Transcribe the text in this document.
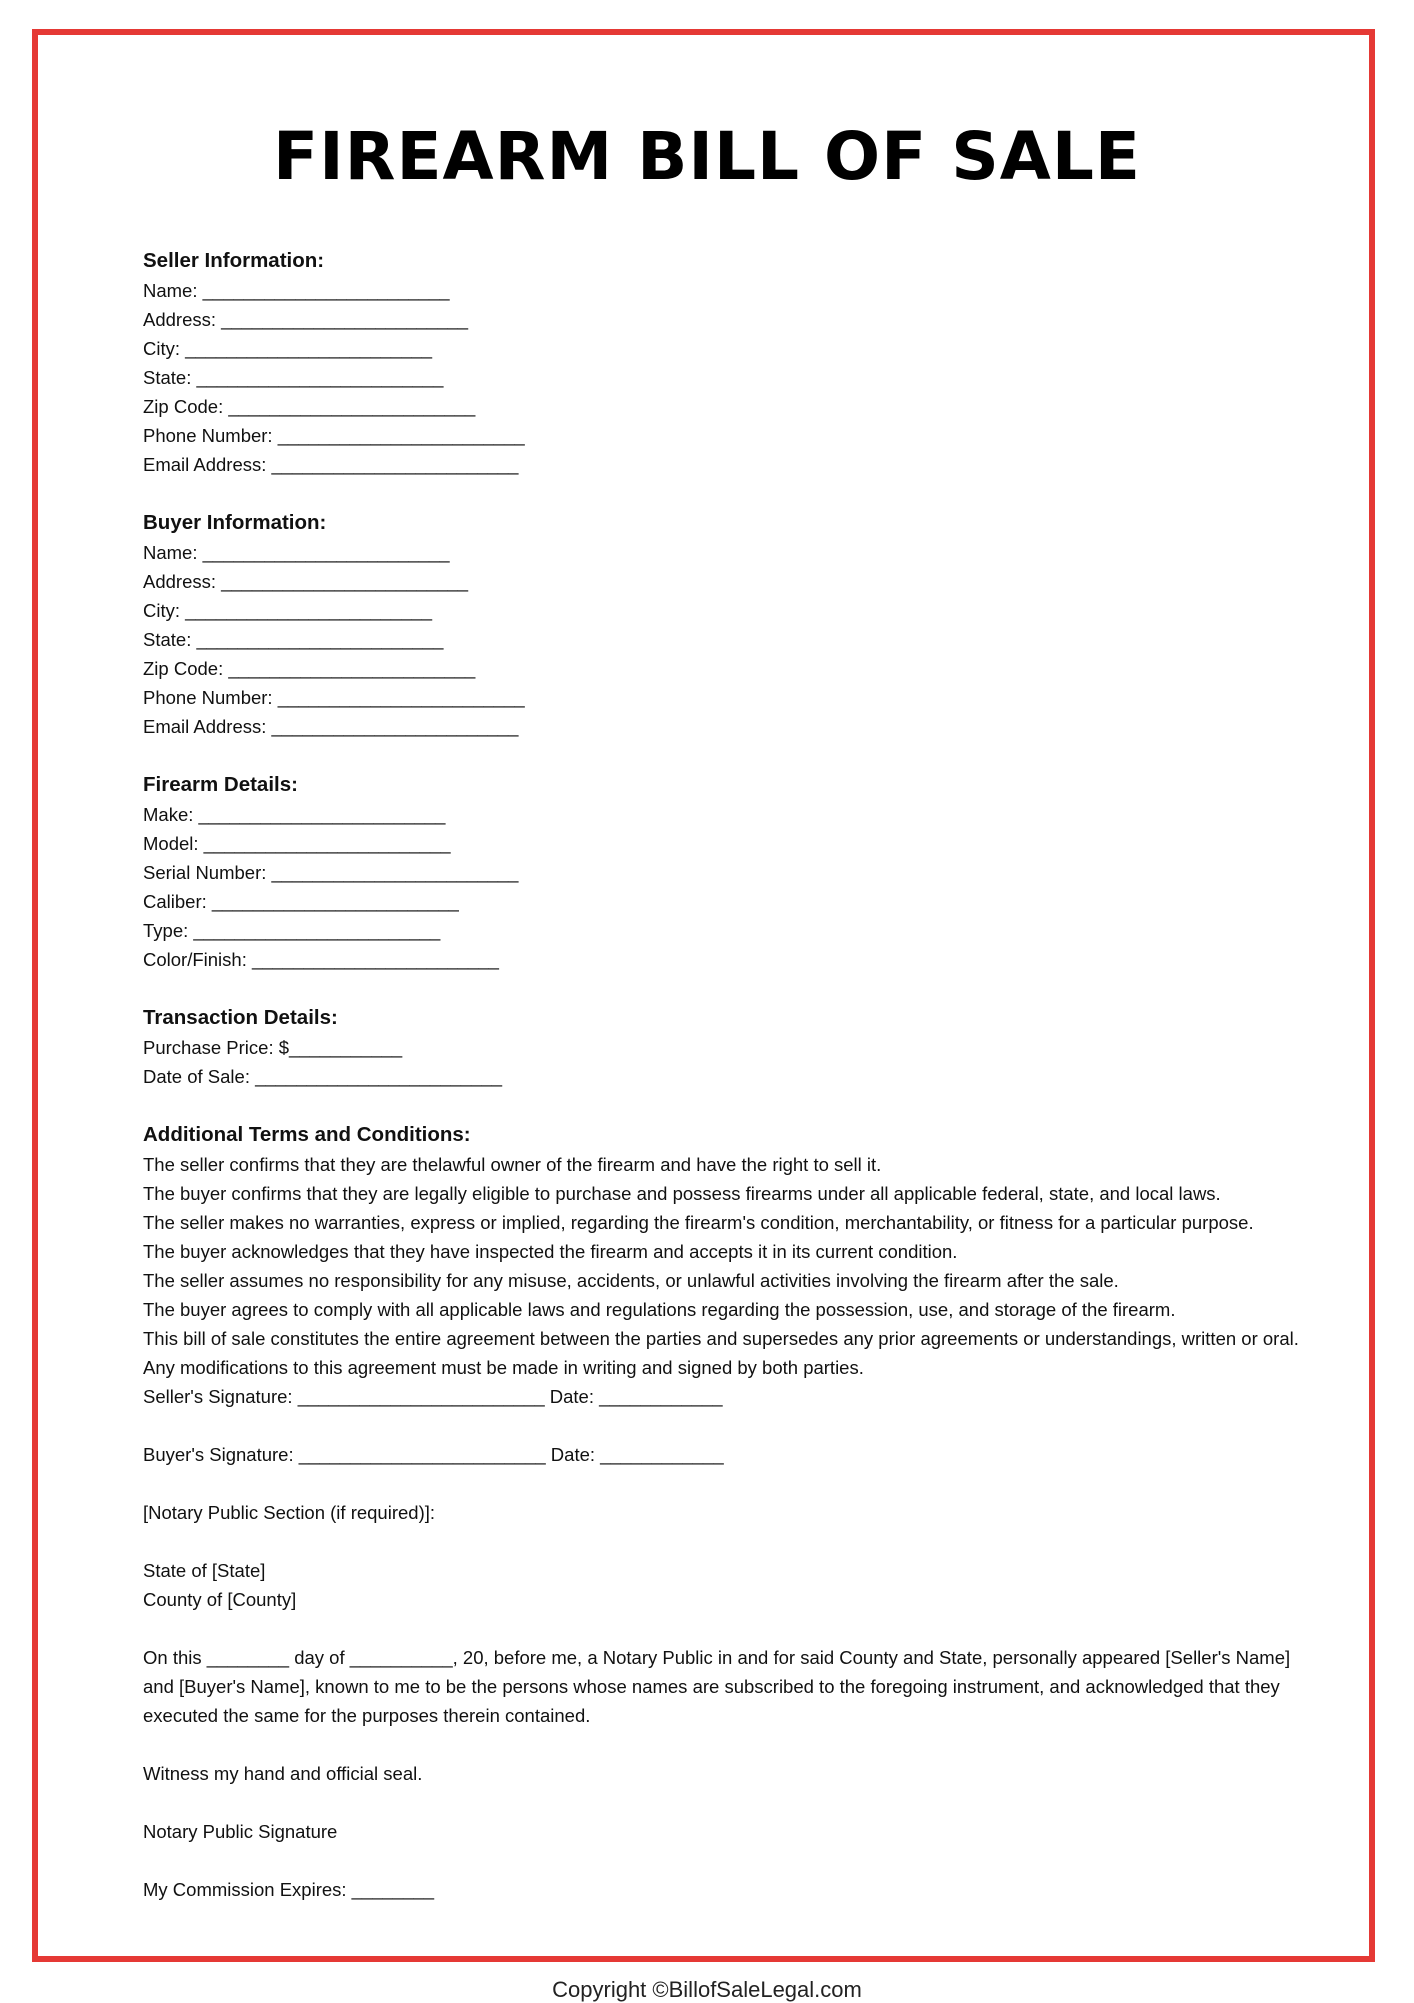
FIREARM BILL OF SALE

Seller Information:

Name: ________________________

Address: ________________________

City: ________________________

State: ________________________

Zip Code: ________________________

Phone Number: ________________________

Email Address: ________________________

Buyer Information:

Name: ________________________

Address: ________________________

City: ________________________

State: ________________________

Zip Code: ________________________

Phone Number: ________________________

Email Address: ________________________

Firearm Details:

Make: ________________________

Model: ________________________

Serial Number: ________________________

Caliber: ________________________

Type: ________________________

Color/Finish: ________________________

Transaction Details:

Purchase Price: $___________

Date of Sale: ________________________

Additional Terms and Conditions:

The seller confirms that they are thelawful owner of the firearm and have the right to sell it.

The buyer confirms that they are legally eligible to purchase and possess firearms under all applicable federal, state, and local laws.

The seller makes no warranties, express or implied, regarding the firearm's condition, merchantability, or fitness for a particular purpose.

The buyer acknowledges that they have inspected the firearm and accepts it in its current condition.

The seller assumes no responsibility for any misuse, accidents, or unlawful activities involving the firearm after the sale.

The buyer agrees to comply with all applicable laws and regulations regarding the possession, use, and storage of the firearm.

This bill of sale constitutes the entire agreement between the parties and supersedes any prior agreements or understandings, written or oral.

Any modifications to this agreement must be made in writing and signed by both parties.

Seller's Signature: ________________________ Date: ____________

Buyer's Signature: ________________________ Date: ____________

[Notary Public Section (if required)]:

State of [State]

County of [County]

On this ________ day of __________, 20, before me, a Notary Public in and for said County and State, personally appeared [Seller's Name] and [Buyer's Name], known to me to be the persons whose names are subscribed to the foregoing instrument, and acknowledged that they executed the same for the purposes therein contained.

Witness my hand and official seal.

Notary Public Signature

My Commission Expires: ________

Copyright ©BillofSaleLegal.com
